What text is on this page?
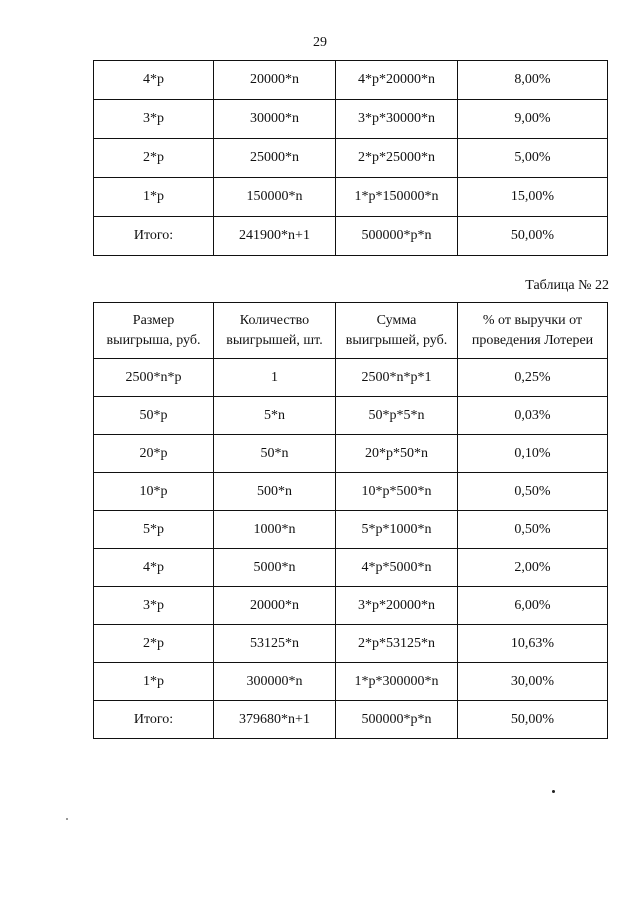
29
4*p	20000*n	4*p*20000*n	8,00%
3*p	30000*n	3*p*30000*n	9,00%
2*p	25000*n	2*p*25000*n	5,00%
1*p	150000*n	1*p*150000*n	15,00%
Итого:	241900*n+1	500000*p*n	50,00%
Таблица № 22
Размер выигрыша, руб.	Количество выигрышей, шт.	Сумма выигрышей, руб.	% от выручки от проведения Лотереи
2500*n*p	1	2500*n*p*1	0,25%
50*p	5*n	50*p*5*n	0,03%
20*p	50*n	20*p*50*n	0,10%
10*p	500*n	10*p*500*n	0,50%
5*p	1000*n	5*p*1000*n	0,50%
4*p	5000*n	4*p*5000*n	2,00%
3*p	20000*n	3*p*20000*n	6,00%
2*p	53125*n	2*p*53125*n	10,63%
1*p	300000*n	1*p*300000*n	30,00%
Итого:	379680*n+1	500000*p*n	50,00%
